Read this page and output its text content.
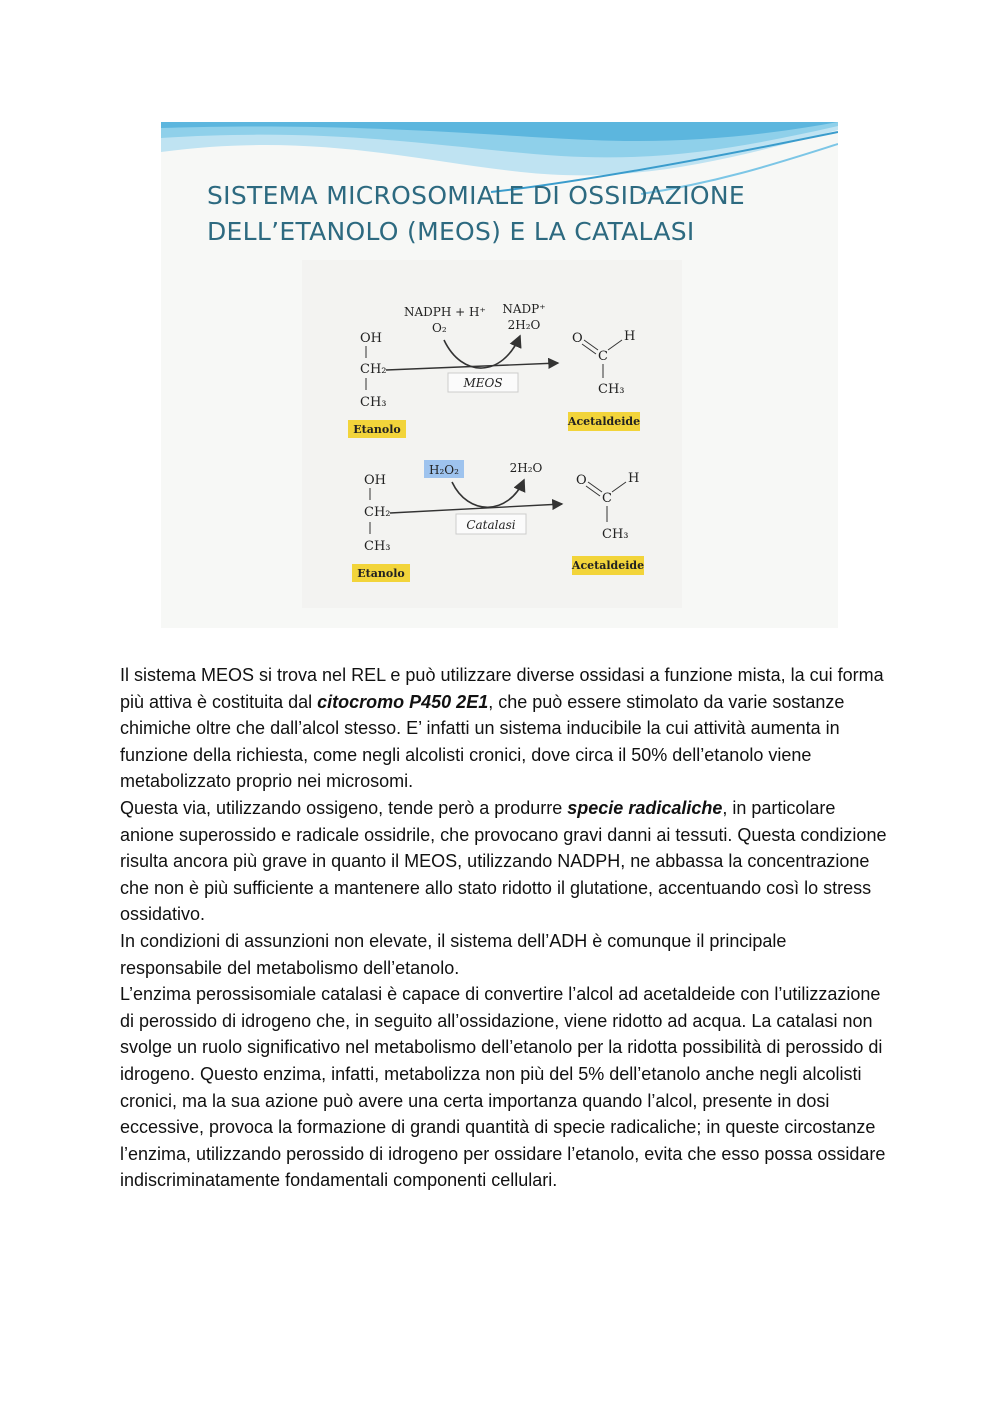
SISTEMA MICROSOMIALE DI OSSIDAZIONE
DELL’ETANOLO (MEOS) E LA CATALASI
NADPH + H⁺
O₂
NADP⁺
2H₂O
MEOS
OH
CH₂
CH₃
Etanolo
O
C
H
CH₃
Acetaldeide
H₂O₂	2H₂O
Catalasi
OH
CH₂
CH₃
Etanolo
O
C
H
CH₃
Acetaldeide

Il sistema MEOS si trova nel REL e può utilizzare diverse ossidasi a funzione mista, la cui forma più attiva è costituita dal citocromo P450 2E1, che può essere stimolato da varie sostanze chimiche oltre che dall’alcol stesso. E’ infatti un sistema inducibile la cui attività aumenta in funzione della richiesta, come negli alcolisti cronici, dove circa il 50% dell’etanolo viene metabolizzato proprio nei microsomi.

Questa via, utilizzando ossigeno, tende però a produrre specie radicaliche, in particolare anione superossido e radicale ossidrile, che provocano gravi danni ai tessuti. Questa condizione risulta ancora più grave in quanto il MEOS, utilizzando NADPH, ne abbassa la concentrazione che non è più sufficiente a mantenere allo stato ridotto il glutatione, accentuando così lo stress ossidativo.

In condizioni di assunzioni non elevate, il sistema dell’ADH è comunque il principale responsabile del metabolismo dell’etanolo.

L’enzima perossisomiale catalasi è capace di convertire l’alcol ad acetaldeide con l’utilizzazione di perossido di idrogeno che, in seguito all’ossidazione, viene ridotto ad acqua. La catalasi non svolge un ruolo significativo nel metabolismo dell’etanolo per la ridotta possibilità di perossido di idrogeno. Questo enzima, infatti, metabolizza non più del 5% dell’etanolo anche negli alcolisti cronici, ma la sua azione può avere una certa importanza quando l’alcol, presente in dosi eccessive, provoca la formazione di grandi quantità di specie radicaliche; in queste circostanze l’enzima, utilizzando perossido di idrogeno per ossidare l’etanolo, evita che esso possa ossidare indiscriminatamente fondamentali componenti cellulari.
